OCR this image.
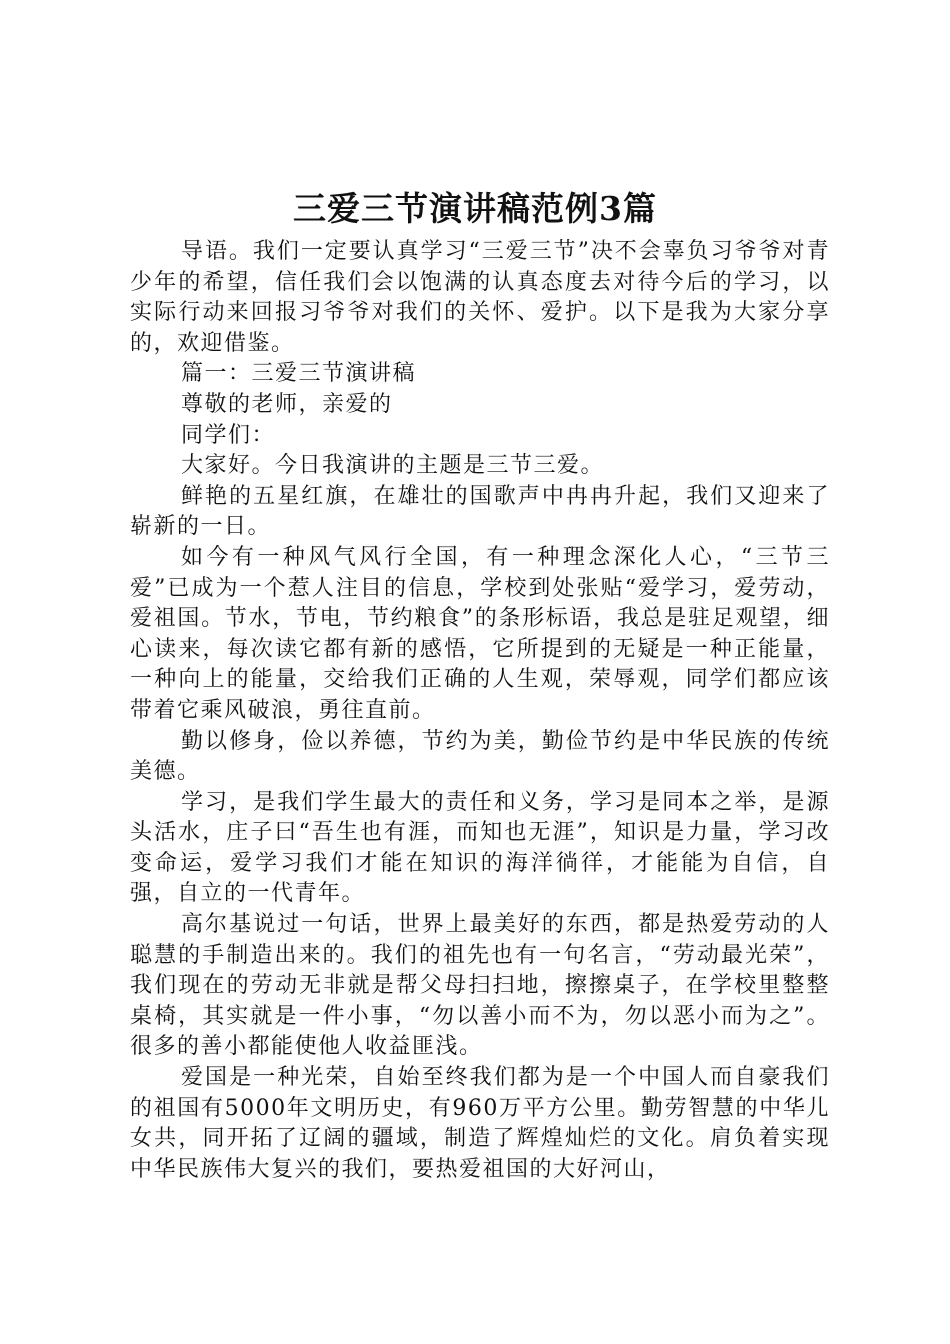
三爱三节演讲稿范例3篇

导语。我们一定要认真学习“三爱三节”决不会辜负习爷爷对青少年的希望，信任我们会以饱满的认真态度去对待今后的学习，以实际行动来回报习爷爷对我们的关怀、爱护。以下是我为大家分享的，欢迎借鉴。

篇一：三爱三节演讲稿

尊敬的老师，亲爱的

同学们：

大家好。今日我演讲的主题是三节三爱。

鲜艳的五星红旗，在雄壮的国歌声中冉冉升起，我们又迎来了崭新的一日。

如今有一种风气风行全国，有一种理念深化人心，“三节三爱”已成为一个惹人注目的信息，学校到处张贴“爱学习，爱劳动，爱祖国。节水，节电，节约粮食”的条形标语，我总是驻足观望，细心读来，每次读它都有新的感悟，它所提到的无疑是一种正能量，一种向上的能量，交给我们正确的人生观，荣辱观，同学们都应该带着它乘风破浪，勇往直前。

勤以修身，俭以养德，节约为美，勤俭节约是中华民族的传统美德。

学习，是我们学生最大的责任和义务，学习是同本之举，是源头活水，庄子曰“吾生也有涯，而知也无涯”，知识是力量，学习改变命运，爱学习我们才能在知识的海洋徜徉，才能能为自信，自强，自立的一代青年。

高尔基说过一句话，世界上最美好的东西，都是热爱劳动的人聪慧的手制造出来的。我们的祖先也有一句名言，“劳动最光荣”，我们现在的劳动无非就是帮父母扫扫地，擦擦桌子，在学校里整整桌椅，其实就是一件小事，“勿以善小而不为，勿以恶小而为之”。很多的善小都能使他人收益匪浅。

爱国是一种光荣，自始至终我们都为是一个中国人而自豪我们的祖国有5000年文明历史，有960万平方公里。勤劳智慧的中华儿女共，同开拓了辽阔的疆域，制造了辉煌灿烂的文化。肩负着实现中华民族伟大复兴的我们，要热爱祖国的大好河山，
